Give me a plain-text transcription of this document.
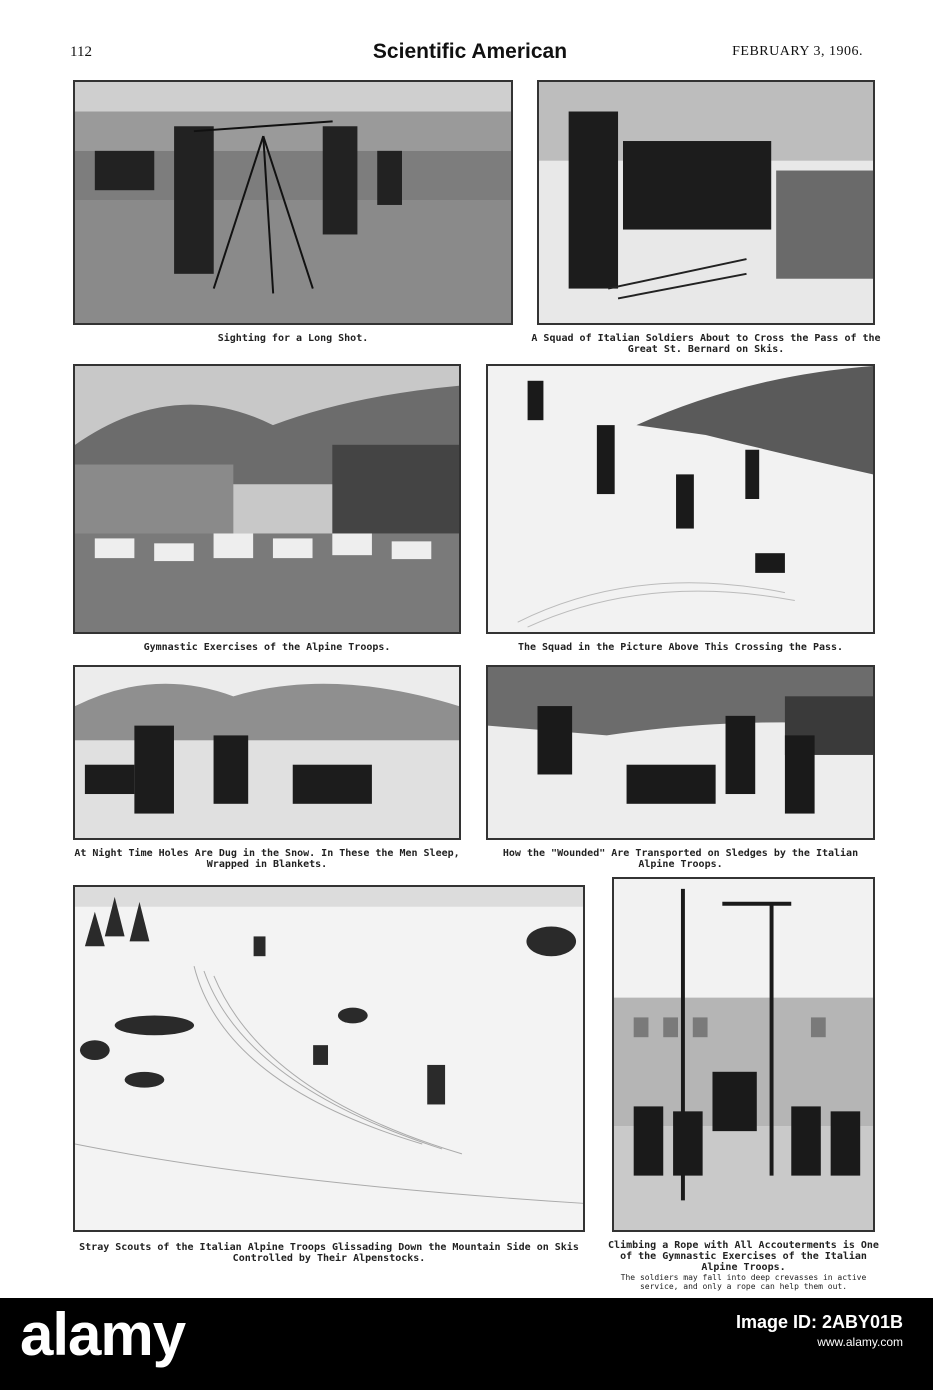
112	Scientific American	FEBRUARY 3, 1906.
Sighting for a Long Shot.	A Squad of Italian Soldiers About to Cross the Pass of the Great St. Bernard on Skis.
Gymnastic Exercises of the Alpine Troops.	The Squad in the Picture Above This Crossing the Pass.
At Night Time Holes Are Dug in the Snow. In These the Men Sleep, Wrapped in Blankets.
How the "Wounded" Are Transported on Sledges by the Italian Alpine Troops.
Stray Scouts of the Italian Alpine Troops Glissading Down the Mountain Side on Skis Controlled by Their Alpenstocks.
Climbing a Rope with All Accouterments is One of the Gymnastic Exercises of the Italian Alpine Troops.
The soldiers may fall into deep crevasses in active service, and only a rope can help them out.
alamy	Image ID: 2ABY01B
www.alamy.com
